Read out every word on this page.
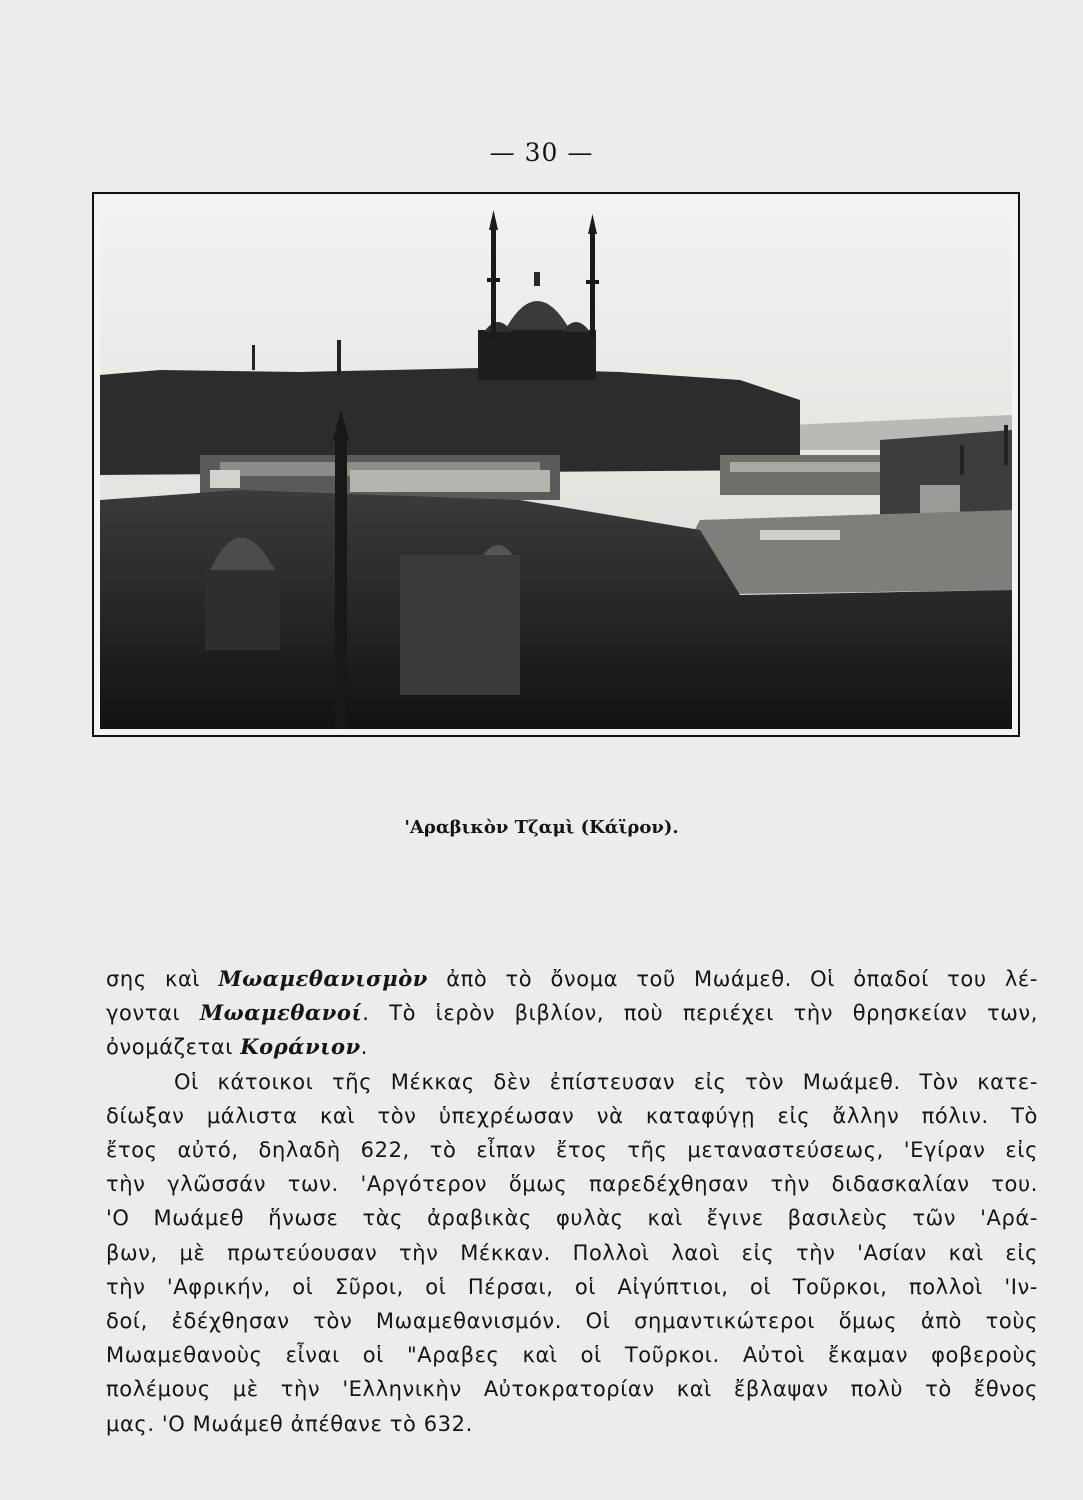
— 30 —
'Αραβικὸν Τζαμὶ (Κάϊρον).
σης καὶ Μωαμεθανισμὸν ἀπὸ τὸ ὄνομα τοῦ Μωάμεθ. Οἱ ὀπαδοί του λέ-
γονται Μωαμεθανοί. Τὸ ἱερὸν βιβλίον, ποὺ περιέχει τὴν θρησκείαν των,
ὀνομάζεται Κοράνιον.
Οἱ κάτοικοι τῆς Μέκκας δὲν ἐπίστευσαν εἰς τὸν Μωάμεθ. Τὸν κατε-
δίωξαν μάλιστα καὶ τὸν ὑπεχρέωσαν νὰ καταφύγῃ εἰς ἄλλην πόλιν. Τὸ
ἔτος αὐτό, δηλαδὴ 622, τὸ εἶπαν ἔτος τῆς μεταναστεύσεως, 'Εγίραν εἰς
τὴν γλῶσσάν των. 'Αργότερον ὅμως παρεδέχθησαν τὴν διδασκαλίαν του.
'Ο Μωάμεθ ἥνωσε τὰς ἀραβικὰς φυλὰς καὶ ἔγινε βασιλεὺς τῶν 'Αρά-
βων, μὲ πρωτεύουσαν τὴν Μέκκαν. Πολλοὶ λαοὶ εἰς τὴν 'Ασίαν καὶ εἰς
τὴν 'Αφρικήν, οἱ Σῦροι, οἱ Πέρσαι, οἱ Αἰγύπτιοι, οἱ Τοῦρκοι, πολλοὶ 'Ιν-
δοί, ἐδέχθησαν τὸν Μωαμεθανισμόν. Οἱ σημαντικώτεροι ὅμως ἀπὸ τοὺς
Μωαμεθανοὺς εἶναι οἱ "Αραβες καὶ οἱ Τοῦρκοι. Αὐτοὶ ἔκαμαν φοβεροὺς
πολέμους μὲ τὴν 'Ελληνικὴν Αὐτοκρατορίαν καὶ ἔβλαψαν πολὺ τὸ ἔθνος
μας. 'Ο Μωάμεθ ἀπέθανε τὸ 632.
